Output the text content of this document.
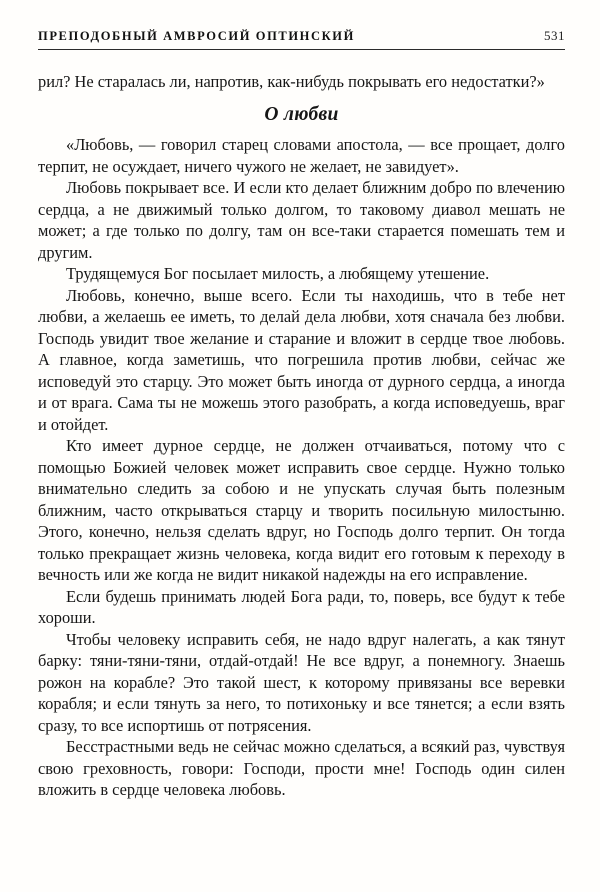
ПРЕПОДОБНЫЙ АМВРОСИЙ ОПТИНСКИЙ	531

рил? Не старалась ли, напротив, как-нибудь покрывать его недостатки?»

О любви

«Любовь, — говорил старец словами апостола, — все прощает, долго терпит, не осуждает, ничего чужого не желает, не завидует».

Любовь покрывает все. И если кто делает ближним добро по влечению сердца, а не движимый только долгом, то таковому диавол мешать не может; а где только по долгу, там он все-таки старается помешать тем и другим.

Трудящемуся Бог посылает милость, а любящему утешение.

Любовь, конечно, выше всего. Если ты находишь, что в тебе нет любви, а желаешь ее иметь, то делай дела любви, хотя сначала без любви. Господь увидит твое желание и старание и вложит в сердце твое любовь. А главное, когда заметишь, что погрешила против любви, сейчас же исповедуй это старцу. Это может быть иногда от дурного сердца, а иногда и от врага. Сама ты не можешь этого разобрать, а когда исповедуешь, враг и отойдет.

Кто имеет дурное сердце, не должен отчаиваться, потому что с помощью Божией человек может исправить свое сердце. Нужно только внимательно следить за собою и не упускать случая быть полезным ближним, часто открываться старцу и творить посильную милостыню. Этого, конечно, нельзя сделать вдруг, но Господь долго терпит. Он тогда только прекращает жизнь человека, когда видит его готовым к переходу в вечность или же когда не видит никакой надежды на его исправление.

Если будешь принимать людей Бога ради, то, поверь, все будут к тебе хороши.

Чтобы человеку исправить себя, не надо вдруг налегать, а как тянут барку: тяни-тяни-тяни, отдай-отдай! Не все вдруг, а понемногу. Знаешь рожон на корабле? Это такой шест, к которому привязаны все веревки корабля; и если тянуть за него, то потихоньку и все тянется; а если взять сразу, то все испортишь от потрясения.

Бесстрастными ведь не сейчас можно сделаться, а всякий раз, чувствуя свою греховность, говори: Господи, прости мне! Господь один силен вложить в сердце человека любовь.
